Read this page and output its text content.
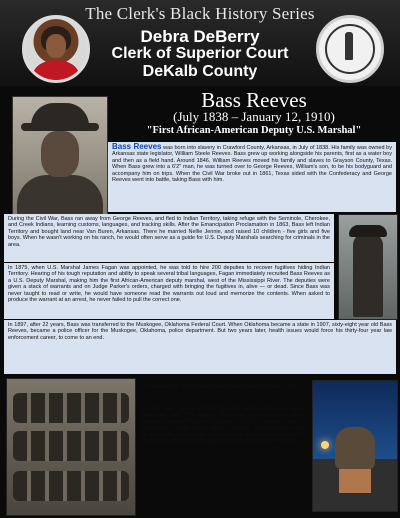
The Clerk's Black History Series
Debra DeBerry
Clerk of Superior Court
DeKalb County
Bass Reeves
(July 1838 – January 12, 1910)
"First African-American Deputy U.S. Marshal"
Bass Reeves was born into slavery in Crawford County, Arkansas, in July of 1838. His family was owned by Arkansas state legislator, William Steele Reeves. Bass grew up working alongside his parents, first as a water boy and then as a field hand. Around 1846, William Reeves moved his family and slaves to Grayson County, Texas. When Bass grew into a 6'2" man, he was turned over to George Reeves, William's son, to be his bodyguard and accompany him on trips. When the Civil War broke out in 1861, Texas sided with the Confederacy and George Reeves went into battle, taking Bass with him.
During the Civil War, Bass ran away from George Reeves, and fled to Indian Territory, taking refuge with the Seminole, Cherokee, and Creek Indians, learning customs, languages, and tracking skills. After the Emancipation Proclamation in 1863, Bass left Indian Territory and bought land near Van Buren, Arkansas. There he married Nellie Jennie, and raised 10 children - five girls and five boys. When he wasn't working on his ranch, he would often serve as a guide for U.S. Deputy Marshals searching for criminals in the area.
In 1875, when U.S. Marshal James Fagan was appointed, he was told to hire 200 deputies to recover fugitives hiding Indian Territory. Hearing of his tough reputation and ability to speak several tribal languages, Fagan immediately recruited Bass Reeves as a U.S. Deputy Marshal, making him the first African-American deputy marshal, west of the Mississippi River. The deputies were given a stack of warrants and on Judge Parker's orders, charged with bringing the fugitives in, alive — or dead. Since Bass was never taught to read or write, he would have someone read the warrants out loud and memorize the contents. When asked to produce the warrant at an arrest, he never failed to pull the correct one.
In 1897, after 22 years, Bass was transferred to the Muskogee, Oklahoma Federal Court. When Oklahoma became a state in 1907, sixty-eight year old Bass Reeves, became a police officer for the Muskogee, Oklahoma, police department. But two years later, health issues would force his thirty-four year law enforcement career, to come to an end.
On January 12, 1910, Bass Reeves died. He was 72 years old.
In 2007, the U.S. Route 62 Bridge at the Arkansas River between Muskogee and Fort Gibson, Oklahoma was named the Bass Reeves Memorial Bridge in his honor. In 2012, a bronze statue of Reeves by sculptor Harold Holden, of Enid, Oklahoma, was cast at a foundry in Norman, Oklahoma. It was then moved to its permanent location at Pendergraft Park in Fort Smith, Arkansas.
